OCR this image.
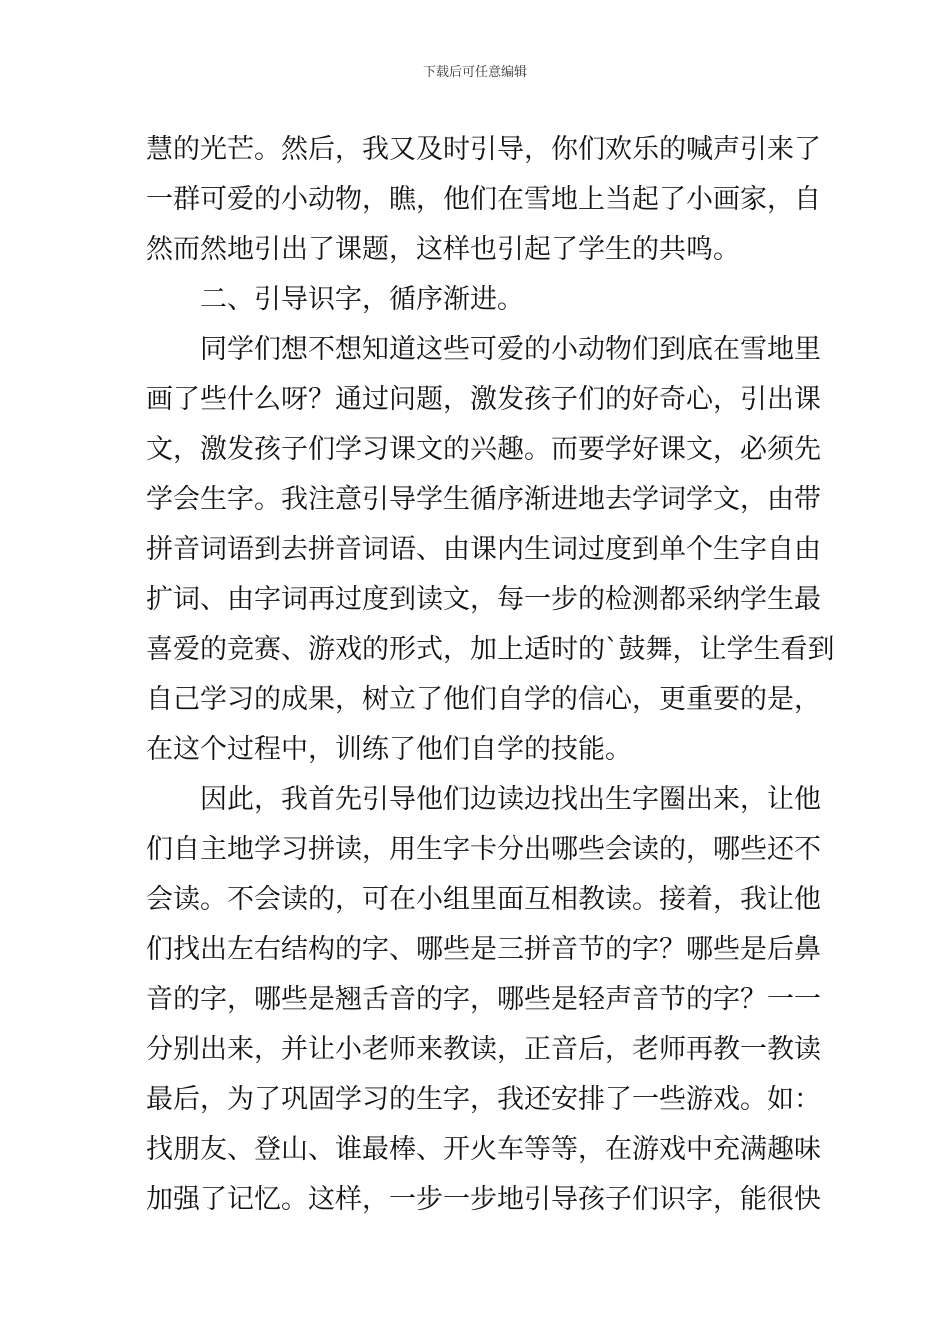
下载后可任意编辑
慧的光芒。然后，我又及时引导，你们欢乐的喊声引来了
一群可爱的小动物，瞧，他们在雪地上当起了小画家，自
然而然地引出了课题，这样也引起了学生的共鸣。
二、引导识字，循序渐进。
同学们想不想知道这些可爱的小动物们到底在雪地里
画了些什么呀？通过问题，激发孩子们的好奇心，引出课
文，激发孩子们学习课文的兴趣。而要学好课文，必须先
学会生字。我注意引导学生循序渐进地去学词学文，由带
拼音词语到去拼音词语、由课内生词过度到单个生字自由
扩词、由字词再过度到读文，每一步的检测都采纳学生最
喜爱的竞赛、游戏的形式，加上适时的`鼓舞，让学生看到
自己学习的成果，树立了他们自学的信心，更重要的是，
在这个过程中，训练了他们自学的技能。
因此，我首先引导他们边读边找出生字圈出来，让他
们自主地学习拼读，用生字卡分出哪些会读的，哪些还不
会读。不会读的，可在小组里面互相教读。接着，我让他
们找出左右结构的字、哪些是三拼音节的字？哪些是后鼻
音的字，哪些是翘舌音的字，哪些是轻声音节的字？一一
分别出来，并让小老师来教读，正音后，老师再教一教读
最后，为了巩固学习的生字，我还安排了一些游戏。如：
找朋友、登山、谁最棒、开火车等等，在游戏中充满趣味
加强了记忆。这样，一步一步地引导孩子们识字，能很快
